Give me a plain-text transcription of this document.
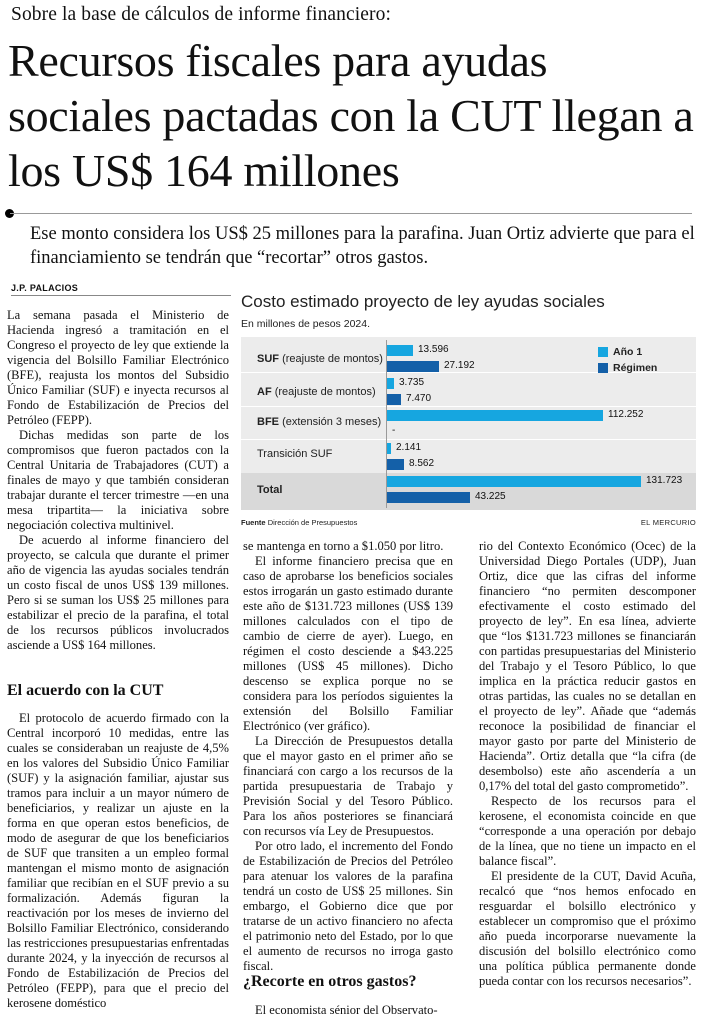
Sobre la base de cálculos de informe financiero:
Recursos fiscales para ayudas sociales pactadas con la CUT llegan a los US$ 164 millones
Ese monto considera los US$ 25 millones para la parafina. Juan Ortiz advierte que para el financiamiento se tendrán que “recortar” otros gastos.
J.P. PALACIOS

La semana pasada el Ministerio de Hacienda ingresó a tramitación en el Congreso el proyecto de ley que extiende la vigencia del Bolsillo Familiar Electrónico (BFE), reajusta los montos del Subsidio Único Familiar (SUF) e inyecta recursos al Fondo de Estabilización de Precios del Petróleo (FEPP).

Dichas medidas son parte de los compromisos que fueron pactados con la Central Unitaria de Trabajadores (CUT) a finales de mayo y que también consideran trabajar durante el tercer trimestre —en una mesa tripartita— la iniciativa sobre negociación colectiva multinivel.

De acuerdo al informe financiero del proyecto, se calcula que durante el primer año de vigencia las ayudas sociales tendrán un costo fiscal de unos US$ 139 millones. Pero si se suman los US$ 25 millones para estabilizar el precio de la parafina, el total de los recursos públicos involucrados asciende a US$ 164 millones.

El acuerdo con la CUT

El protocolo de acuerdo firmado con la Central incorporó 10 medidas, entre las cuales se consideraban un reajuste de 4,5% en los valores del Subsidio Único Familiar (SUF) y la asignación familiar, ajustar sus tramos para incluir a un mayor número de beneficiarios, y realizar un ajuste en la forma en que operan estos beneficios, de modo de asegurar de que los beneficiarios de SUF que transiten a un empleo formal mantengan el mismo monto de asignación familiar que recibían en el SUF previo a su formalización. Además figuran la reactivación por los meses de invierno del Bolsillo Familiar Electrónico, considerando las restricciones presupuestarias enfrentadas durante 2024, y la inyección de recursos al Fondo de Estabilización de Precios del Petróleo (FEPP), para que el precio del kerosene doméstico

Costo estimado proyecto de ley ayudas sociales
En millones de pesos 2024.
SUF (reajuste de montos)
AF (reajuste de montos)
BFE (extensión 3 meses)
Transición SUF
Total
13.596
3.735
112.252
2.141
131.723
27.192
7.470
-
8.562
43.225
Año 1
Régimen
Fuente Dirección de Presupuestos	EL MERCURIO

se mantenga en torno a $1.050 por litro.

El informe financiero precisa que en caso de aprobarse los beneficios sociales estos irrogarán un gasto estimado durante este año de $131.723 millones (US$ 139 millones calculados con el tipo de cambio de cierre de ayer). Luego, en régimen el costo desciende a $43.225 millones (US$ 45 millones). Dicho descenso se explica porque no se considera para los períodos siguientes la extensión del Bolsillo Familiar Electrónico (ver gráfico).

La Dirección de Presupuestos detalla que el mayor gasto en el primer año se financiará con cargo a los recursos de la partida presupuestaria de Trabajo y Previsión Social y del Tesoro Público. Para los años posteriores se financiará con recursos vía Ley de Presupuestos.

Por otro lado, el incremento del Fondo de Estabilización de Precios del Petróleo para atenuar los valores de la parafina tendrá un costo de US$ 25 millones. Sin embargo, el Gobierno dice que por tratarse de un activo financiero no afecta el patrimonio neto del Estado, por lo que el aumento de recursos no irroga gasto fiscal.

¿Recorte en otros gastos?

El economista sénior del Observato-

rio del Contexto Económico (Ocec) de la Universidad Diego Portales (UDP), Juan Ortiz, dice que las cifras del informe financiero “no permiten descomponer efectivamente el costo estimado del proyecto de ley”. En esa línea, advierte que “los $131.723 millones se financiarán con partidas presupuestarias del Ministerio del Trabajo y el Tesoro Público, lo que implica en la práctica reducir gastos en otras partidas, las cuales no se detallan en el proyecto de ley”. Añade que “además reconoce la posibilidad de financiar el mayor gasto por parte del Ministerio de Hacienda”. Ortiz detalla que “la cifra (de desembolso) este año ascendería a un 0,17% del total del gasto comprometido”.

Respecto de los recursos para el kerosene, el economista coincide en que “corresponde a una operación por debajo de la línea, que no tiene un impacto en el balance fiscal”.

El presidente de la CUT, David Acuña, recalcó que “nos hemos enfocado en resguardar el bolsillo electrónico y establecer un compromiso que el próximo año pueda incorporarse nuevamente la discusión del bolsillo electrónico como una política pública permanente donde pueda contar con los recursos necesarios”.
